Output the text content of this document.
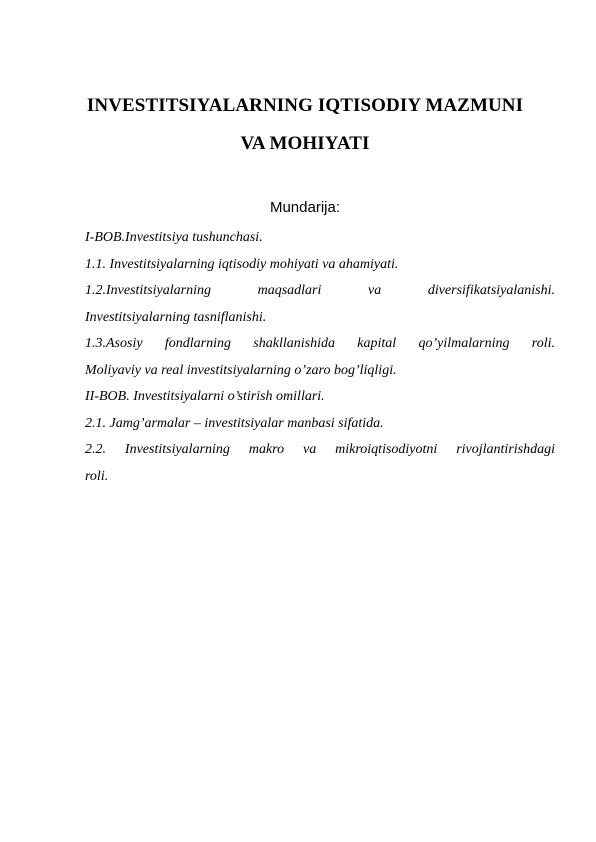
INVESTITSIYALARNING IQTISODIY MAZMUNI
VA MOHIYATI
Mundarija:
I-BOB.Investitsiya tushunchasi.
1.1. Investitsiyalarning iqtisodiy mohiyati va ahamiyati.
1.2.Investitsiyalarning maqsadlari va diversifikatsiyalanishi.
Investitsiyalarning tasniflanishi.
1.3.Asosiy fondlarning shakllanishida kapital qo’yilmalarning roli.
Moliyaviy va real investitsiyalarning o’zaro bog’liqligi.
II-BOB. Investitsiyalarni o’stirish omillari.
2.1. Jamg’armalar – investitsiyalar manbasi sifatida.
2.2. Investitsiyalarning makro va mikroiqtisodiyotni rivojlantirishdagi
roli.
